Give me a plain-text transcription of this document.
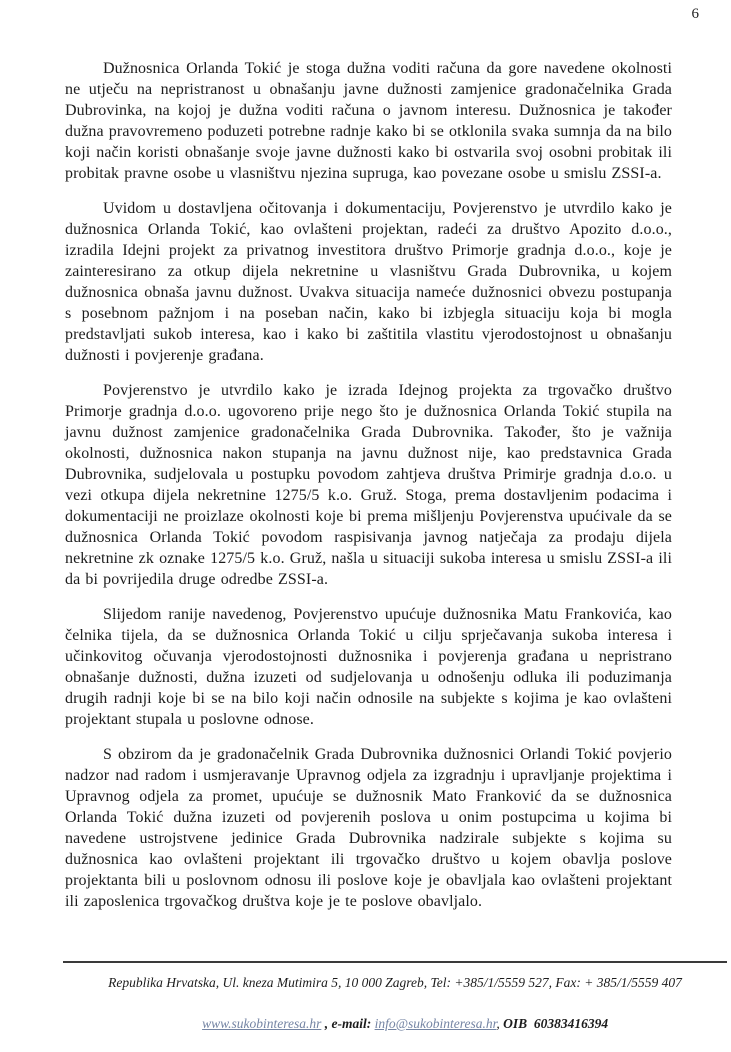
6

Dužnosnica Orlanda Tokić je stoga dužna voditi računa da gore navedene okolnosti ne utječu na nepristranost u obnašanju javne dužnosti zamjenice gradonačelnika Grada Dubrovinka, na kojoj je dužna voditi računa o javnom interesu. Dužnosnica je također dužna pravovremeno poduzeti potrebne radnje kako bi se otklonila svaka sumnja da na bilo koji način koristi obnašanje svoje javne dužnosti kako bi ostvarila svoj osobni probitak ili probitak pravne osobe u vlasništvu njezina supruga, kao povezane osobe u smislu ZSSI-a.

Uvidom u dostavljena očitovanja i dokumentaciju, Povjerenstvo je utvrdilo kako je dužnosnica Orlanda Tokić, kao ovlašteni projektan, radeći za društvo Apozito d.o.o., izradila Idejni projekt za privatnog investitora društvo Primorje gradnja d.o.o., koje je zainteresirano za otkup dijela nekretnine u vlasništvu Grada Dubrovnika, u kojem dužnosnica obnaša javnu dužnost. Uvakva situacija nameće dužnosnici obvezu postupanja s posebnom pažnjom i na poseban način, kako bi izbjegla situaciju koja bi mogla predstavljati sukob interesa, kao i kako bi zaštitila vlastitu vjerodostojnost u obnašanju dužnosti i povjerenje građana.

Povjerenstvo je utvrdilo kako je izrada Idejnog projekta za trgovačko društvo Primorje gradnja d.o.o. ugovoreno prije nego što je dužnosnica Orlanda Tokić stupila na javnu dužnost zamjenice gradonačelnika Grada Dubrovnika. Također, što je važnija okolnosti, dužnosnica nakon stupanja na javnu dužnost nije, kao predstavnica Grada Dubrovnika, sudjelovala u postupku povodom zahtjeva društva Primirje gradnja d.o.o. u vezi otkupa dijela nekretnine 1275/5 k.o. Gruž. Stoga, prema dostavljenim podacima i dokumentaciji ne proizlaze okolnosti koje bi prema mišljenju Povjerenstva upućivale da se dužnosnica Orlanda Tokić povodom raspisivanja javnog natječaja za prodaju dijela nekretnine zk oznake 1275/5 k.o. Gruž, našla u situaciji sukoba interesa u smislu ZSSI-a ili da bi povrijedila druge odredbe ZSSI-a.

Slijedom ranije navedenog, Povjerenstvo upućuje dužnosnika Matu Frankovića, kao čelnika tijela, da se dužnosnica Orlanda Tokić u cilju sprječavanja sukoba interesa i učinkovitog očuvanja vjerodostojnosti dužnosnika i povjerenja građana u nepristrano obnašanje dužnosti, dužna izuzeti od sudjelovanja u odnošenju odluka ili poduzimanja drugih radnji koje bi se na bilo koji način odnosile na subjekte s kojima je kao ovlašteni projektant stupala u poslovne odnose.

S obzirom da je gradonačelnik Grada Dubrovnika dužnosnici Orlandi Tokić povjerio nadzor nad radom i usmjeravanje Upravnog odjela za izgradnju i upravljanje projektima i Upravnog odjela za promet, upućuje se dužnosnik Mato Franković da se dužnosnica Orlanda Tokić dužna izuzeti od povjerenih poslova u onim postupcima u kojima bi navedene ustrojstvene jedinice Grada Dubrovnika nadzirale subjekte s kojima su dužnosnica kao ovlašteni projektant ili trgovačko društvo u kojem obavlja poslove projektanta bili u poslovnom odnosu ili poslove koje je obavljala kao ovlašteni projektant ili zaposlenica trgovačkog društva koje je te poslove obavljalo.

Republika Hrvatska, Ul. kneza Mutimira 5, 10 000 Zagreb, Tel: +385/1/5559 527, Fax: + 385/1/5559 407

www.sukobinteresa.hr , e-mail: info@sukobinteresa.hr, OIB  60383416394
